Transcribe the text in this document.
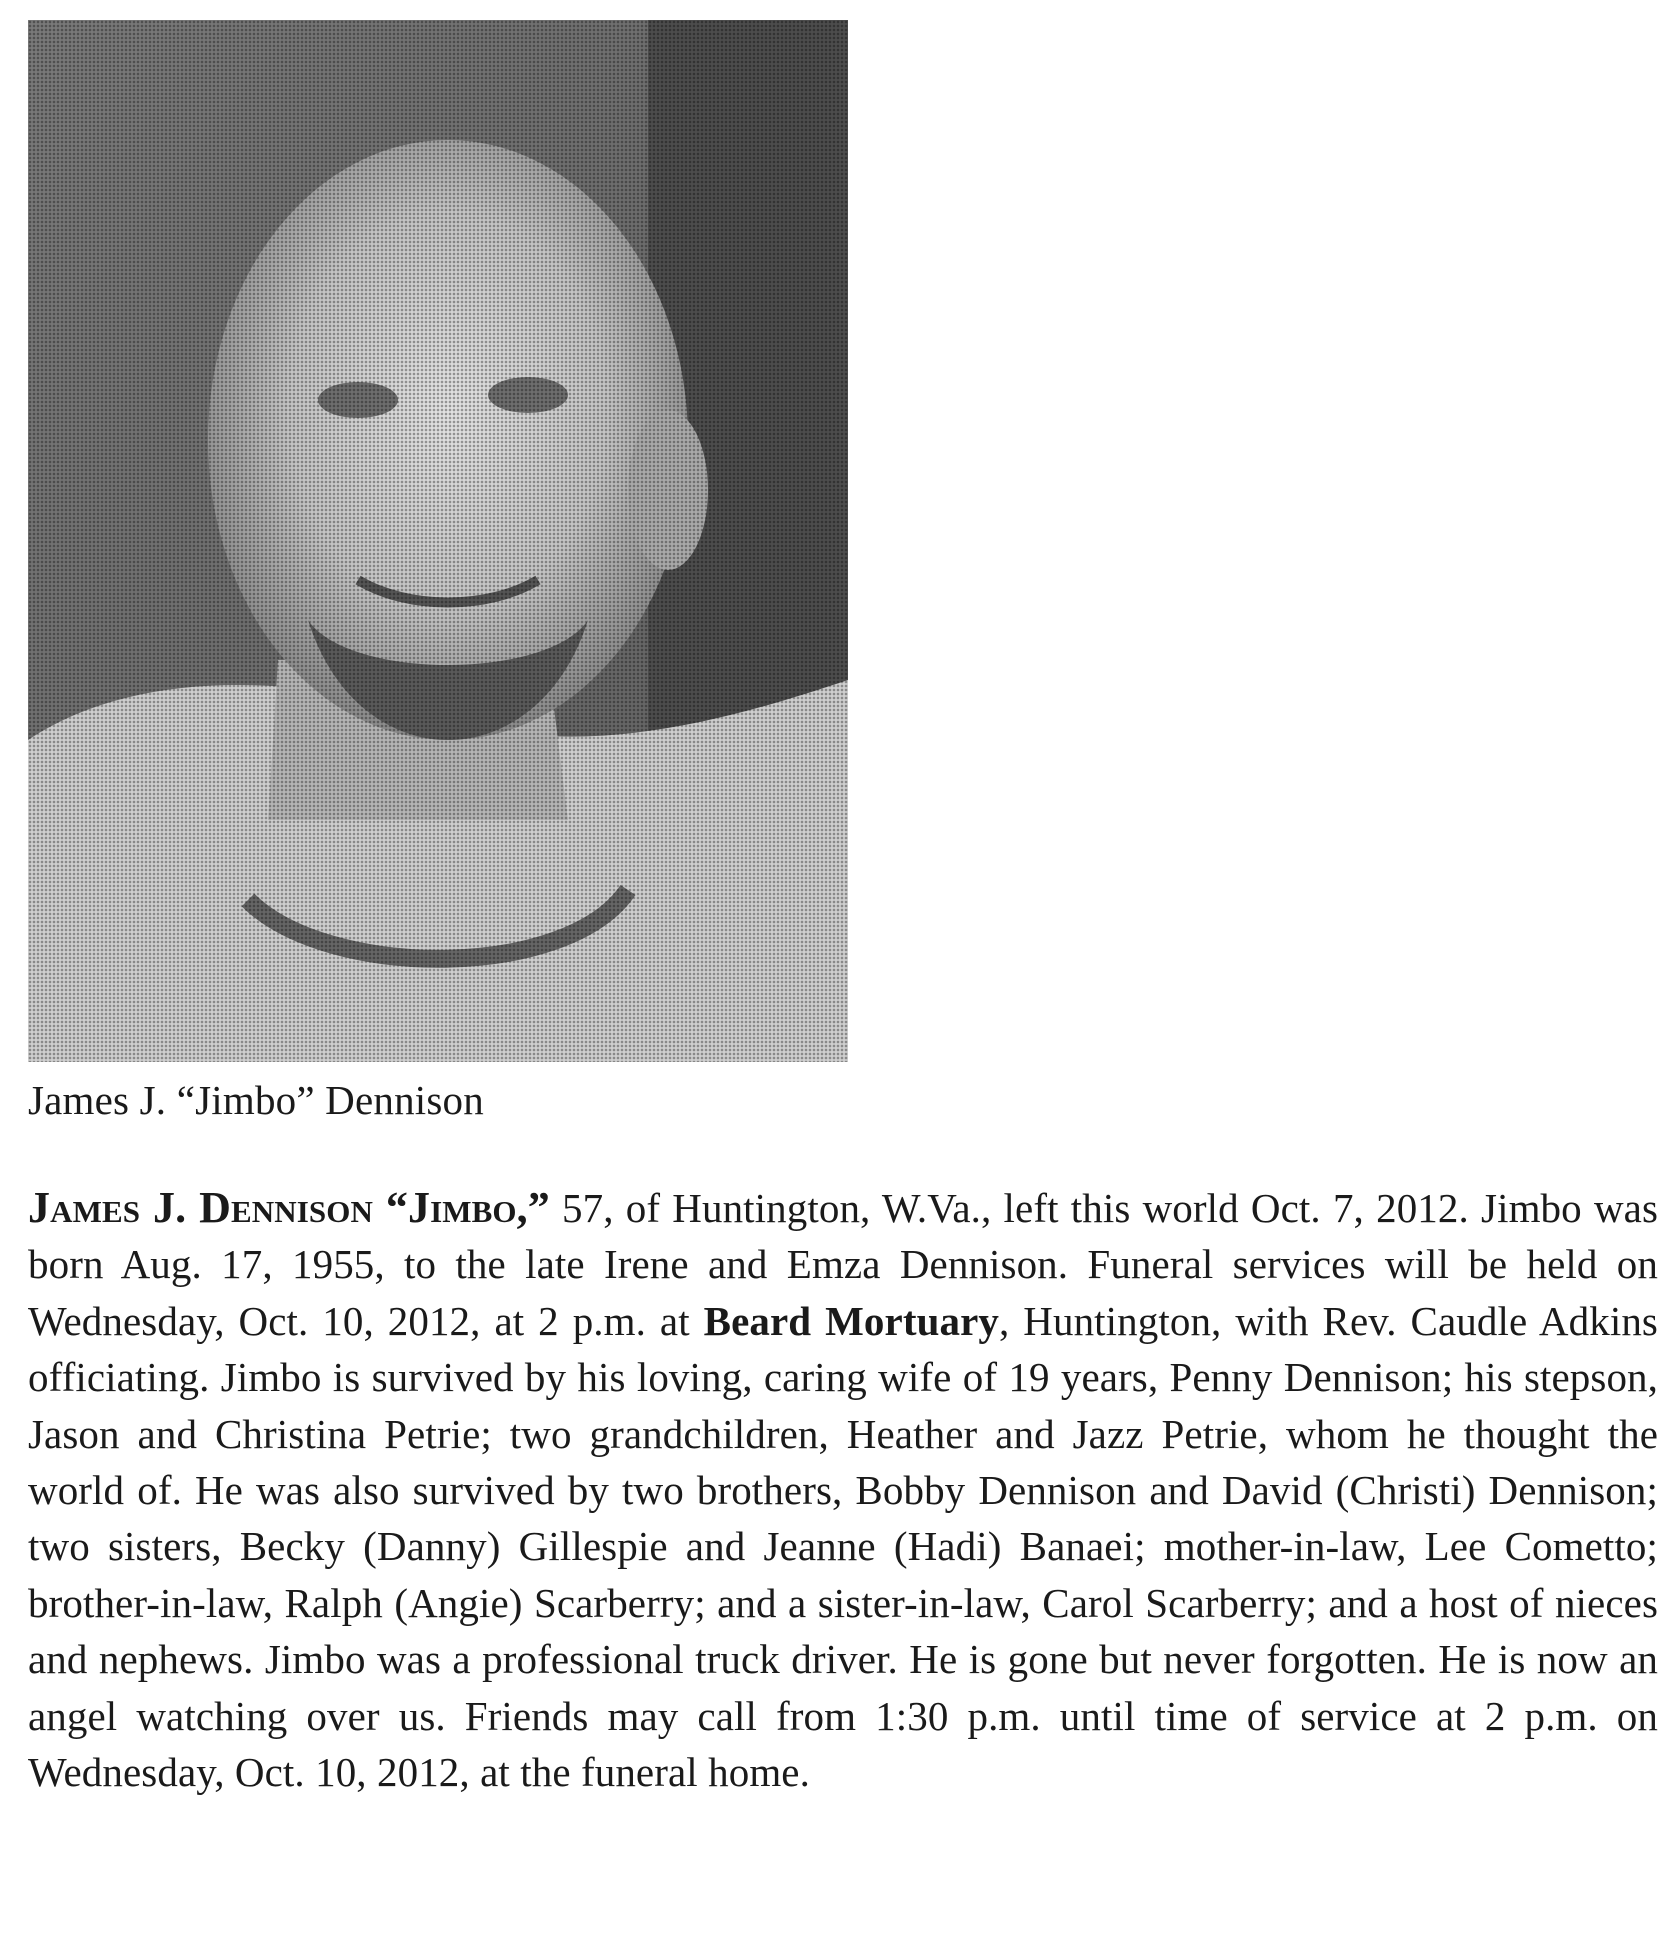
James J. “Jimbo” Dennison
James J. Dennison “Jimbo,” 57, of Huntington, W.Va., left this world Oct. 7, 2012. Jimbo was born Aug. 17, 1955, to the late Irene and Emza Dennison. Funeral services will be held on Wednesday, Oct. 10, 2012, at 2 p.m. at Beard Mortuary, Huntington, with Rev. Caudle Adkins officiating. Jimbo is survived by his loving, caring wife of 19 years, Penny Dennison; his stepson, Jason and Christina Petrie; two grandchildren, Heather and Jazz Petrie, whom he thought the world of. He was also survived by two brothers, Bobby Dennison and David (Christi) Dennison; two sisters, Becky (Danny) Gillespie and Jeanne (Hadi) Banaei; mother-in-law, Lee Cometto; brother-in-law, Ralph (Angie) Scarberry; and a sister-in-law, Carol Scarberry; and a host of nieces and nephews. Jimbo was a professional truck driver. He is gone but never forgotten. He is now an angel watching over us. Friends may call from 1:30 p.m. until time of service at 2 p.m. on Wednesday, Oct. 10, 2012, at the funeral home.
